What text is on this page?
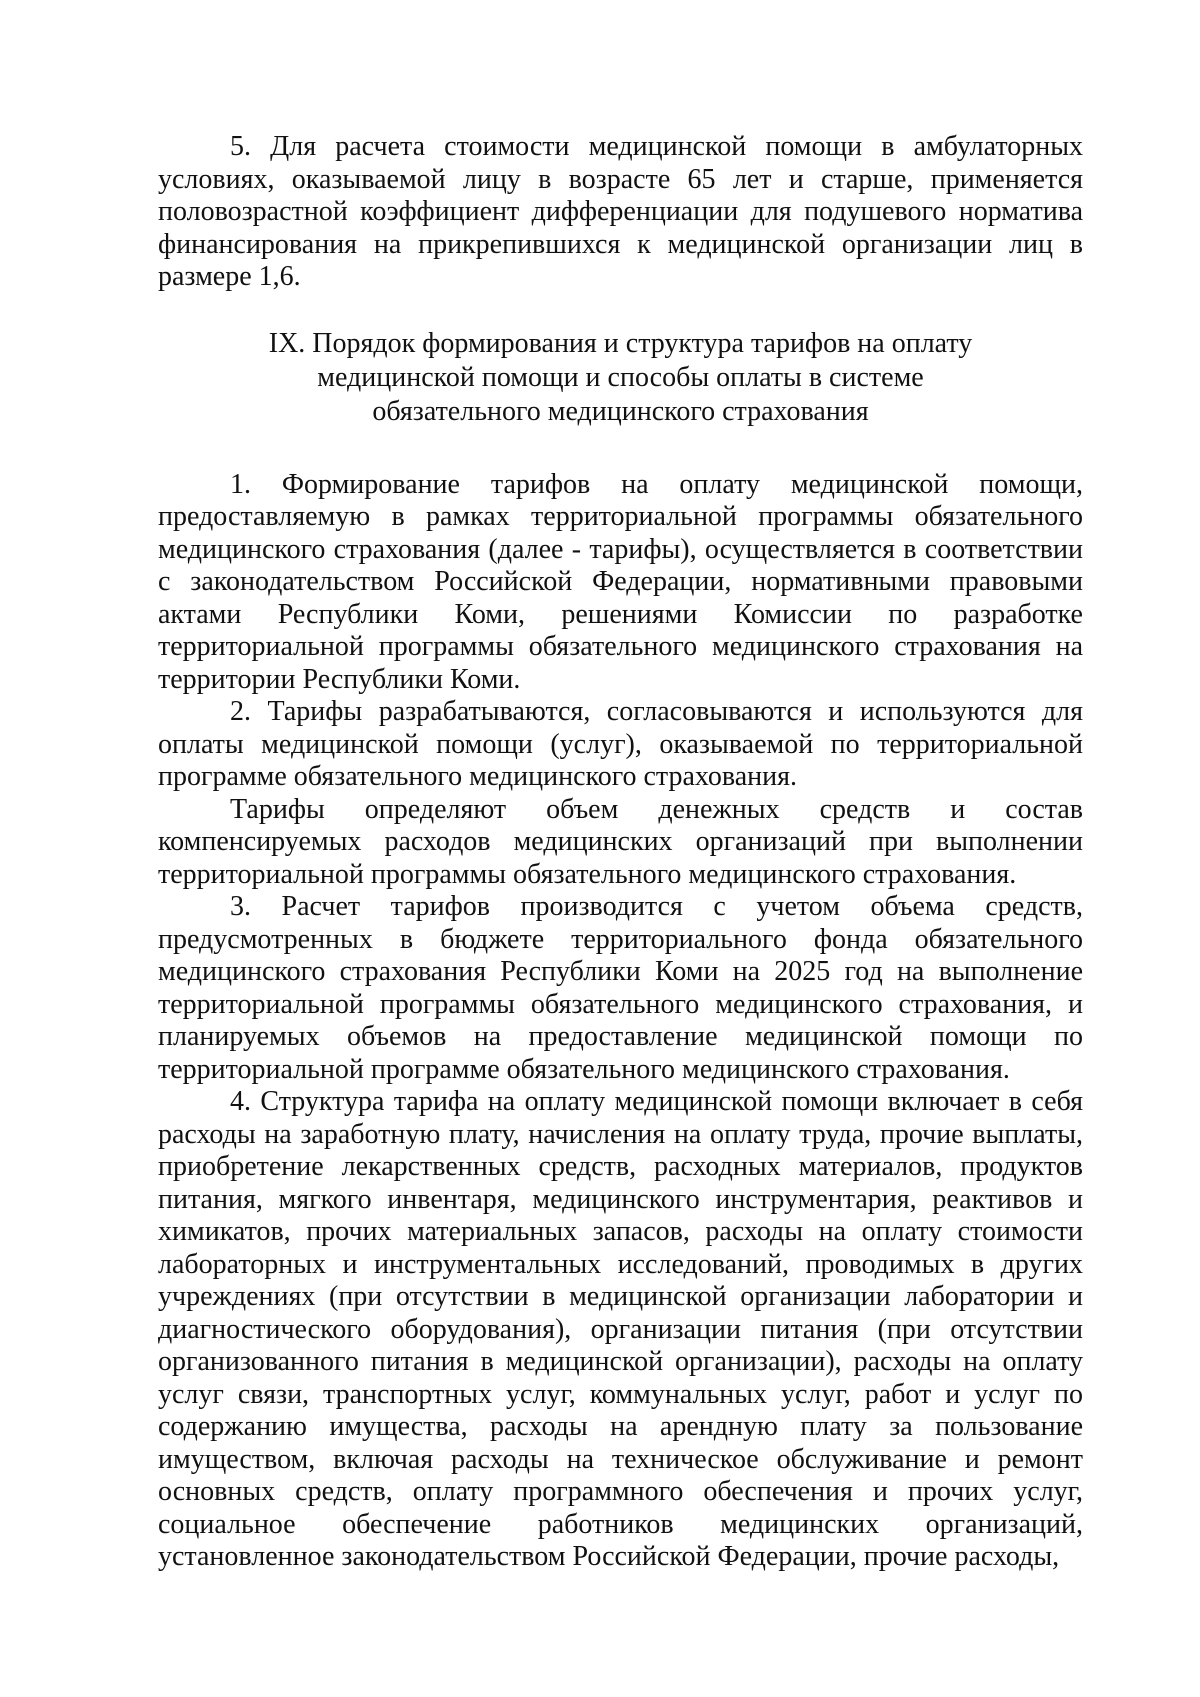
5. Для расчета стоимости медицинской помощи в амбулаторных условиях, оказываемой лицу в возрасте 65 лет и старше, применяется половозрастной коэффициент дифференциации для подушевого норматива финансирования на прикрепившихся к медицинской организации лиц в размере 1,6.

IX. Порядок формирования и структура тарифов на оплату
медицинской помощи и способы оплаты в системе
обязательного медицинского страхования

1. Формирование тарифов на оплату медицинской помощи, предоставляемую в рамках территориальной программы обязательного медицинского страхования (далее - тарифы), осуществляется в соответствии с законодательством Российской Федерации, нормативными правовыми актами Республики Коми, решениями Комиссии по разработке территориальной программы обязательного медицинского страхования на территории Республики Коми.

2. Тарифы разрабатываются, согласовываются и используются для оплаты медицинской помощи (услуг), оказываемой по территориальной программе обязательного медицинского страхования.

Тарифы определяют объем денежных средств и состав компенсируемых расходов медицинских организаций при выполнении территориальной программы обязательного медицинского страхования.

3. Расчет тарифов производится с учетом объема средств, предусмотренных в бюджете территориального фонда обязательного медицинского страхования Республики Коми на 2025 год на выполнение территориальной программы обязательного медицинского страхования, и планируемых объемов на предоставление медицинской помощи по территориальной программе обязательного медицинского страхования.

4. Структура тарифа на оплату медицинской помощи включает в себя расходы на заработную плату, начисления на оплату труда, прочие выплаты, приобретение лекарственных средств, расходных материалов, продуктов питания, мягкого инвентаря, медицинского инструментария, реактивов и химикатов, прочих материальных запасов, расходы на оплату стоимости лабораторных и инструментальных исследований, проводимых в других учреждениях (при отсутствии в медицинской организации лаборатории и диагностического оборудования), организации питания (при отсутствии организованного питания в медицинской организации), расходы на оплату услуг связи, транспортных услуг, коммунальных услуг, работ и услуг по содержанию имущества, расходы на арендную плату за пользование имуществом, включая расходы на техническое обслуживание и ремонт основных средств, оплату программного обеспечения и прочих услуг, социальное обеспечение работников медицинских организаций, установленное законодательством Российской Федерации, прочие расходы,
